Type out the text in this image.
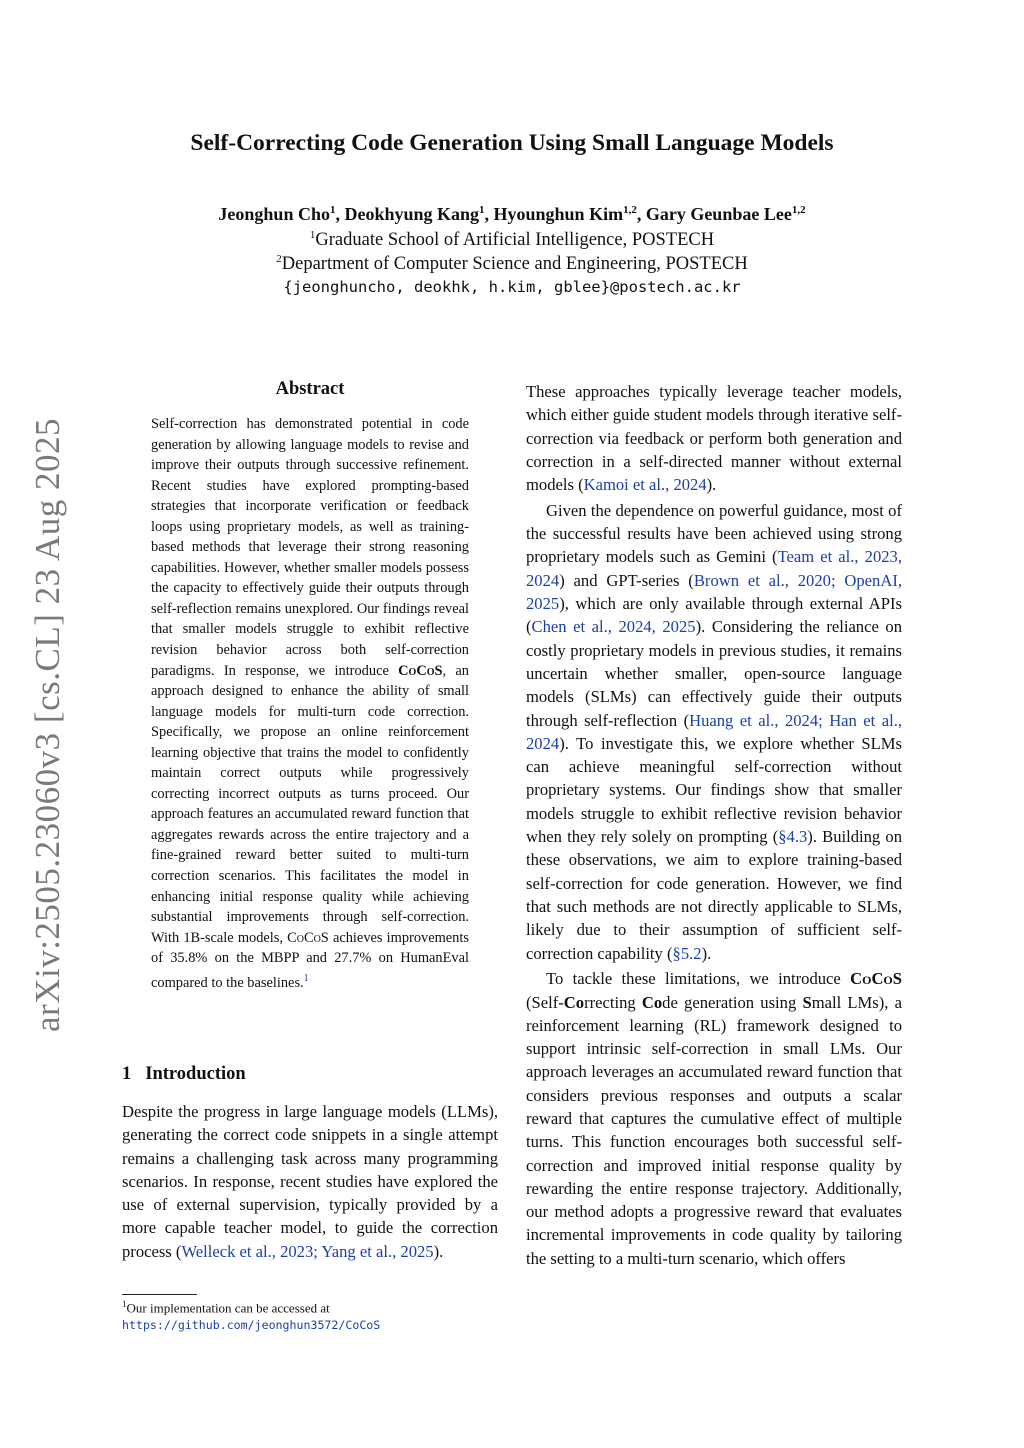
arXiv:2505.23060v3 [cs.CL] 23 Aug 2025
Self-Correcting Code Generation Using Small Language Models
Jeonghun Cho$^1$, Deokhyung Kang$^1$, Hyounghun Kim$^{1,2}$, Gary Geunbae Lee$^{1,2}$
$^1$Graduate School of Artificial Intelligence, POSTECH
$^2$Department of Computer Science and Engineering, POSTECH
{jeonghuncho, deokhk, h.kim, gblee}@postech.ac.kr
Abstract

Self-correction has demonstrated potential in code generation by allowing language models to revise and improve their outputs through successive refinement. Recent studies have explored prompting-based strategies that incorporate verification or feedback loops using proprietary models, as well as training-based methods that leverage their strong reasoning capabilities. However, whether smaller models possess the capacity to effectively guide their outputs through self-reflection remains unexplored. Our findings reveal that smaller models struggle to exhibit reflective revision behavior across both self-correction paradigms. In response, we introduce CoCoS, an approach designed to enhance the ability of small language models for multi-turn code correction. Specifically, we propose an online reinforcement learning objective that trains the model to confidently maintain correct outputs while progressively correcting incorrect outputs as turns proceed. Our approach features an accumulated reward function that aggregates rewards across the entire trajectory and a fine-grained reward better suited to multi-turn correction scenarios. This facilitates the model in enhancing initial response quality while achieving substantial improvements through self-correction. With 1B-scale models, CoCoS achieves improvements of 35.8% on the MBPP and 27.7% on HumanEval compared to the baselines.$^1$

1 Introduction

Despite the progress in large language models (LLMs), generating the correct code snippets in a single attempt remains a challenging task across many programming scenarios. In response, recent studies have explored the use of external supervision, typically provided by a more capable teacher model, to guide the correction process (Welleck et al., 2023; Yang et al., 2025).

$^1$Our implementation can be accessed at https://github.com/jeonghun3572/CoCoS

These approaches typically leverage teacher models, which either guide student models through iterative self-correction via feedback or perform both generation and correction in a self-directed manner without external models (Kamoi et al., 2024).

Given the dependence on powerful guidance, most of the successful results have been achieved using strong proprietary models such as Gemini (Team et al., 2023, 2024) and GPT-series (Brown et al., 2020; OpenAI, 2025), which are only available through external APIs (Chen et al., 2024, 2025). Considering the reliance on costly proprietary models in previous studies, it remains uncertain whether smaller, open-source language models (SLMs) can effectively guide their outputs through self-reflection (Huang et al., 2024; Han et al., 2024). To investigate this, we explore whether SLMs can achieve meaningful self-correction without proprietary systems. Our findings show that smaller models struggle to exhibit reflective revision behavior when they rely solely on prompting (§4.3). Building on these observations, we aim to explore training-based self-correction for code generation. However, we find that such methods are not directly applicable to SLMs, likely due to their assumption of sufficient self-correction capability (§5.2).

To tackle these limitations, we introduce CoCoS (Self-Correcting Code generation using Small LMs), a reinforcement learning (RL) framework designed to support intrinsic self-correction in small LMs. Our approach leverages an accumulated reward function that considers previous responses and outputs a scalar reward that captures the cumulative effect of multiple turns. This function encourages both successful self-correction and improved initial response quality by rewarding the entire response trajectory. Additionally, our method adopts a progressive reward that evaluates incremental improvements in code quality by tailoring the setting to a multi-turn scenario, which offers
